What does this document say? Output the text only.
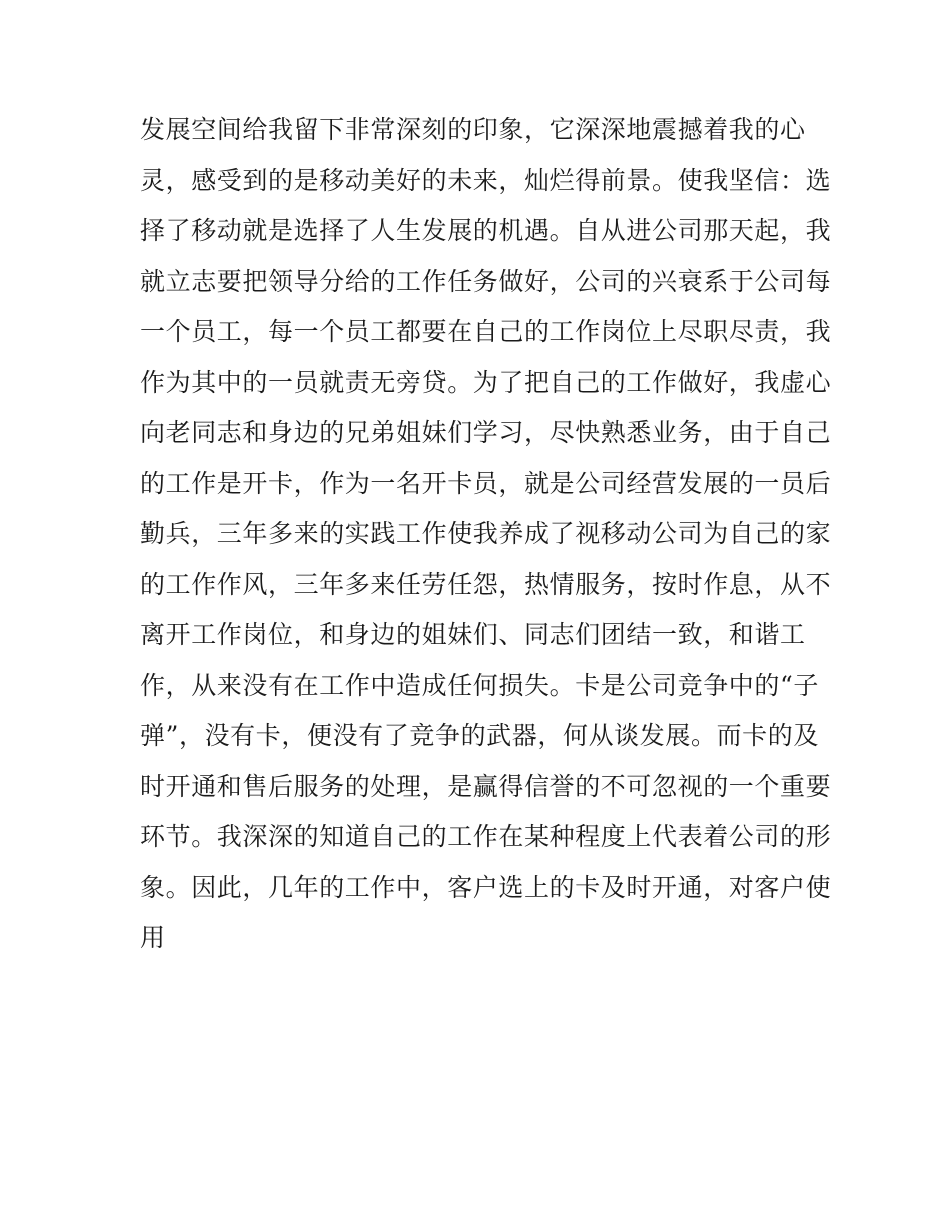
发展空间给我留下非常深刻的印象，它深深地震撼着我的心
灵，感受到的是移动美好的未来，灿烂得前景。使我坚信：选
择了移动就是选择了人生发展的机遇。自从进公司那天起，我
就立志要把领导分给的工作任务做好，公司的兴衰系于公司每
一个员工，每一个员工都要在自己的工作岗位上尽职尽责，我
作为其中的一员就责无旁贷。为了把自己的工作做好，我虚心
向老同志和身边的兄弟姐妹们学习，尽快熟悉业务，由于自己
的工作是开卡，作为一名开卡员，就是公司经营发展的一员后
勤兵，三年多来的实践工作使我养成了视移动公司为自己的家
的工作作风，三年多来任劳任怨，热情服务，按时作息，从不
离开工作岗位，和身边的姐妹们、同志们团结一致，和谐工
作，从来没有在工作中造成任何损失。卡是公司竞争中的“子
弹”，没有卡，便没有了竞争的武器，何从谈发展。而卡的及
时开通和售后服务的处理，是赢得信誉的不可忽视的一个重要
环节。我深深的知道自己的工作在某种程度上代表着公司的形
象。因此，几年的工作中，客户选上的卡及时开通，对客户使
用
